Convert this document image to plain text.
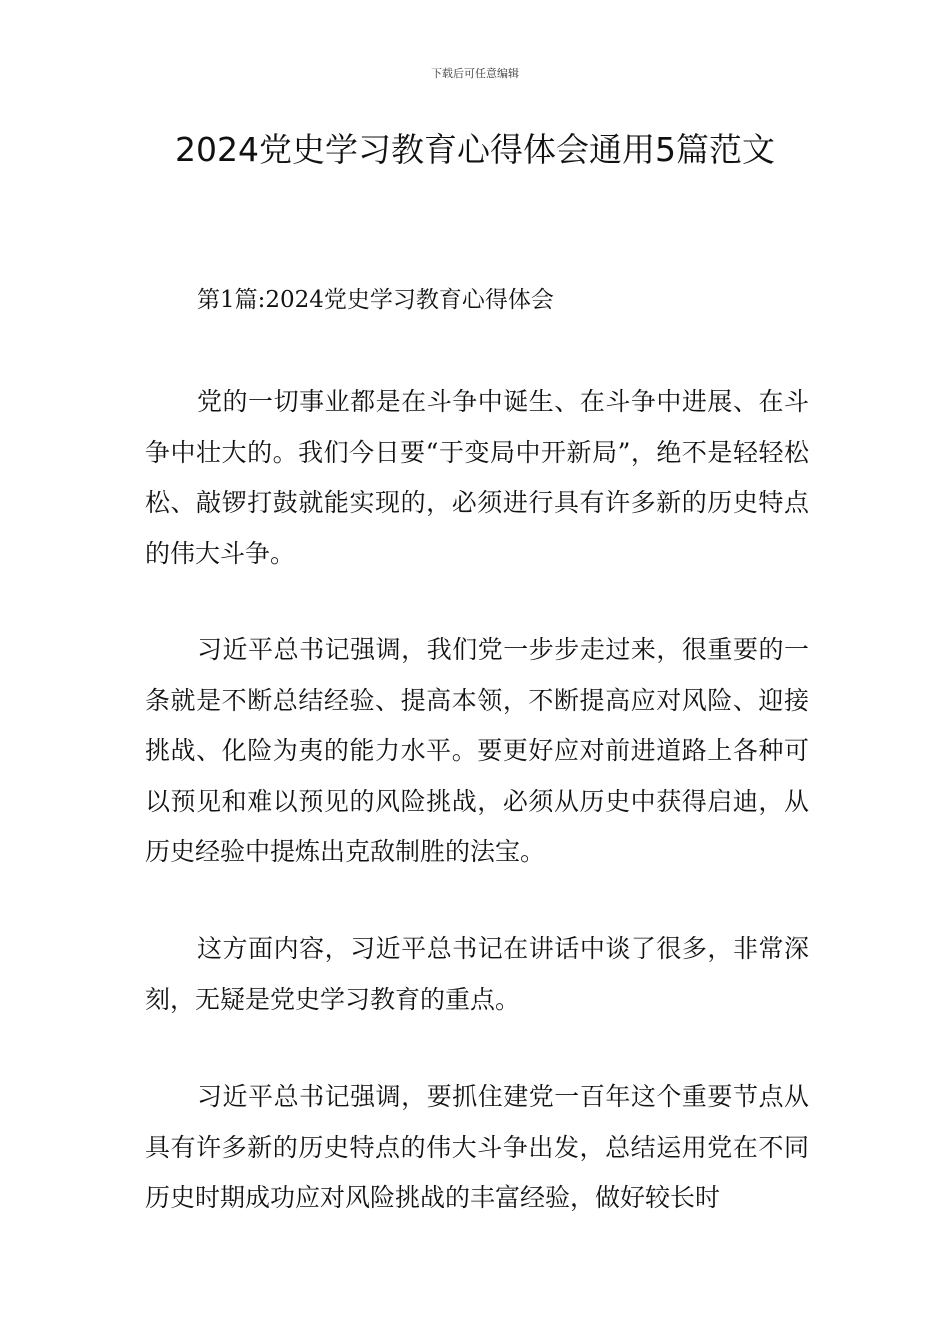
下载后可任意编辑
2024党史学习教育心得体会通用5篇范文
第1篇:2024党史学习教育心得体会

党的一切事业都是在斗争中诞生、在斗争中进展、在斗争中壮大的。我们今日要“于变局中开新局”，绝不是轻轻松松、敲锣打鼓就能实现的，必须进行具有许多新的历史特点的伟大斗争。

习近平总书记强调，我们党一步步走过来，很重要的一条就是不断总结经验、提高本领，不断提高应对风险、迎接挑战、化险为夷的能力水平。要更好应对前进道路上各种可以预见和难以预见的风险挑战，必须从历史中获得启迪，从历史经验中提炼出克敌制胜的法宝。

这方面内容，习近平总书记在讲话中谈了很多，非常深刻，无疑是党史学习教育的重点。

习近平总书记强调，要抓住建党一百年这个重要节点从具有许多新的历史特点的伟大斗争出发，总结运用党在不同历史时期成功应对风险挑战的丰富经验，做好较长时
